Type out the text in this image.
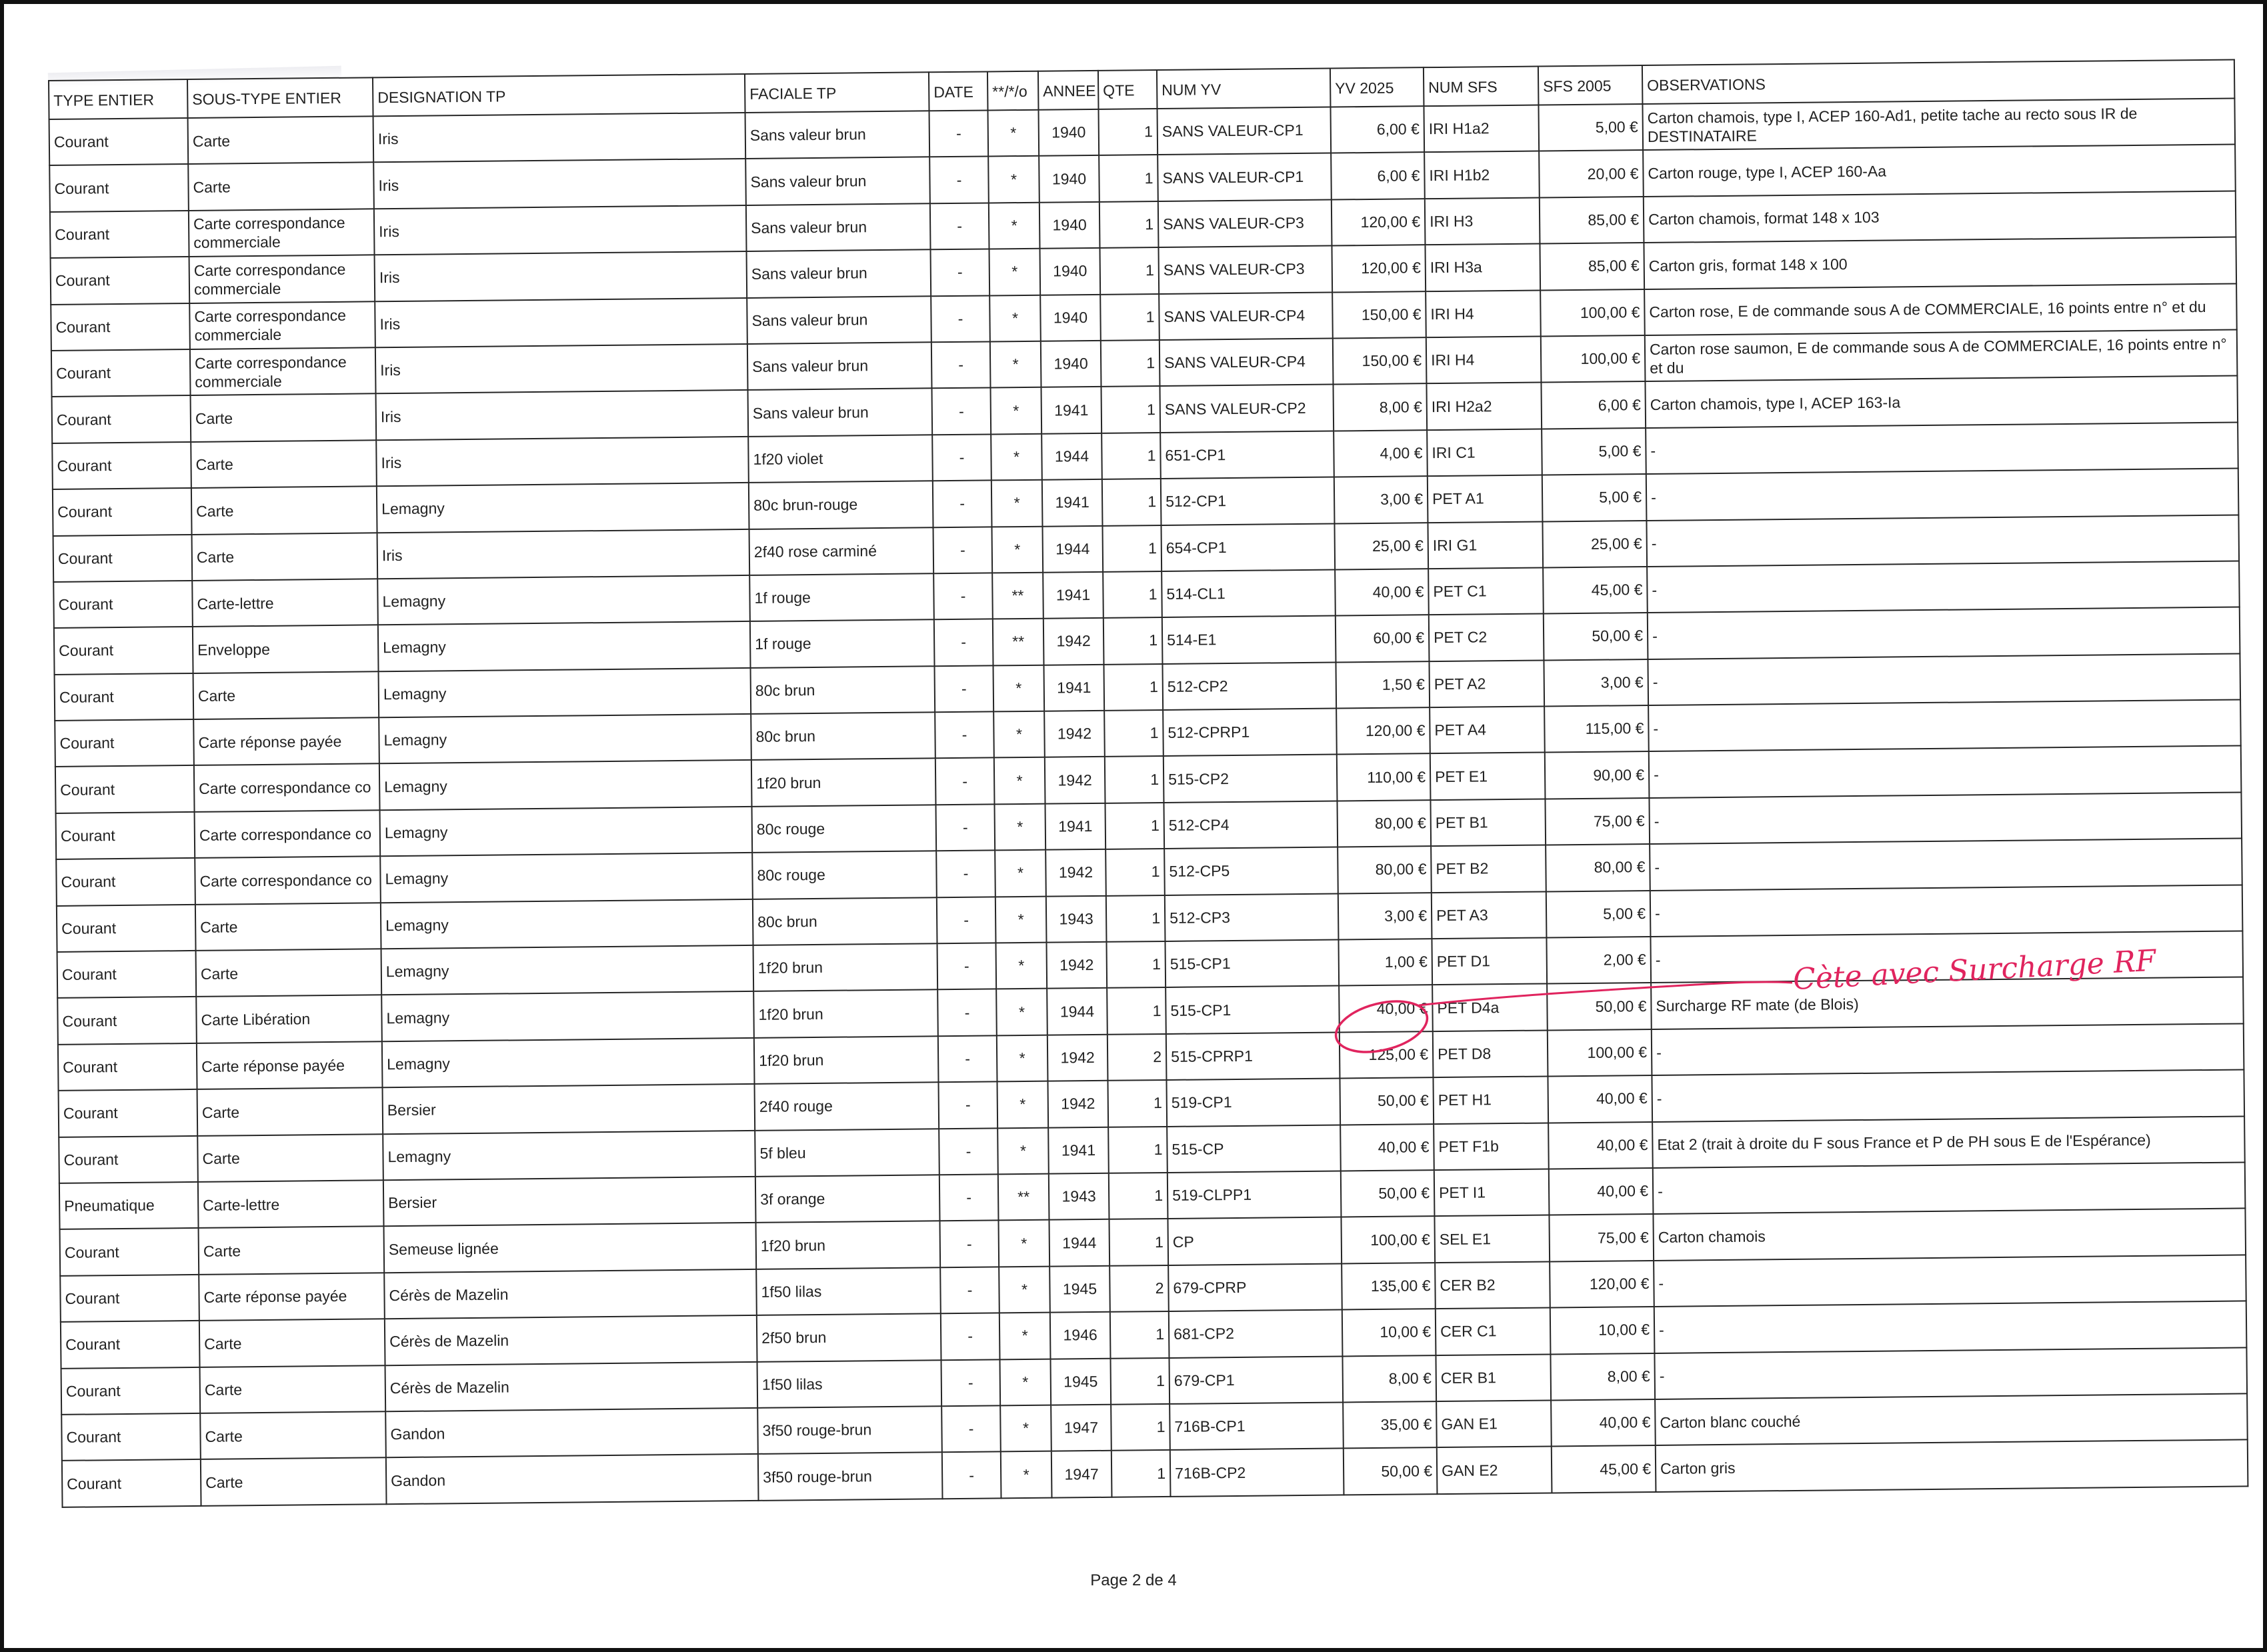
TYPE ENTIER	SOUS-TYPE ENTIER	DESIGNATION TP	FACIALE TP	DATE	**/*/o	ANNEE	QTE	NUM YV	YV 2025	NUM SFS	SFS 2005	OBSERVATIONS
Courant	Carte	Iris	Sans valeur brun	-	*	1940	1	SANS VALEUR-CP1	6,00 €	IRI H1a2	5,00 €	Carton chamois, type I, ACEP 160-Ad1, petite tache au recto sous IR de DESTINATAIRE
Courant	Carte	Iris	Sans valeur brun	-	*	1940	1	SANS VALEUR-CP1	6,00 €	IRI H1b2	20,00 €	Carton rouge, type I, ACEP 160-Aa
Courant	Carte correspondance commerciale	Iris	Sans valeur brun	-	*	1940	1	SANS VALEUR-CP3	120,00 €	IRI H3	85,00 €	Carton chamois, format 148 x 103
Courant	Carte correspondance commerciale	Iris	Sans valeur brun	-	*	1940	1	SANS VALEUR-CP3	120,00 €	IRI H3a	85,00 €	Carton gris, format 148 x 100
Courant	Carte correspondance commerciale	Iris	Sans valeur brun	-	*	1940	1	SANS VALEUR-CP4	150,00 €	IRI H4	100,00 €	Carton rose, E de commande sous A de COMMERCIALE, 16 points entre n° et du
Courant	Carte correspondance commerciale	Iris	Sans valeur brun	-	*	1940	1	SANS VALEUR-CP4	150,00 €	IRI H4	100,00 €	Carton rose saumon, E de commande sous A de COMMERCIALE, 16 points entre n° et du
Courant	Carte	Iris	Sans valeur brun	-	*	1941	1	SANS VALEUR-CP2	8,00 €	IRI H2a2	6,00 €	Carton chamois, type I, ACEP 163-Ia
Courant	Carte	Iris	1f20 violet	-	*	1944	1	651-CP1	4,00 €	IRI C1	5,00 €	-
Courant	Carte	Lemagny	80c brun-rouge	-	*	1941	1	512-CP1	3,00 €	PET A1	5,00 €	-
Courant	Carte	Iris	2f40 rose carminé	-	*	1944	1	654-CP1	25,00 €	IRI G1	25,00 €	-
Courant	Carte-lettre	Lemagny	1f rouge	-	**	1941	1	514-CL1	40,00 €	PET C1	45,00 €	-
Courant	Enveloppe	Lemagny	1f rouge	-	**	1942	1	514-E1	60,00 €	PET C2	50,00 €	-
Courant	Carte	Lemagny	80c brun	-	*	1941	1	512-CP2	1,50 €	PET A2	3,00 €	-
Courant	Carte réponse payée	Lemagny	80c brun	-	*	1942	1	512-CPRP1	120,00 €	PET A4	115,00 €	-
Courant	Carte correspondance co	Lemagny	1f20 brun	-	*	1942	1	515-CP2	110,00 €	PET E1	90,00 €	-
Courant	Carte correspondance co	Lemagny	80c rouge	-	*	1941	1	512-CP4	80,00 €	PET B1	75,00 €	-
Courant	Carte correspondance co	Lemagny	80c rouge	-	*	1942	1	512-CP5	80,00 €	PET B2	80,00 €	-
Courant	Carte	Lemagny	80c brun	-	*	1943	1	512-CP3	3,00 €	PET A3	5,00 €	-
Courant	Carte	Lemagny	1f20 brun	-	*	1942	1	515-CP1	1,00 €	PET D1	2,00 €	-
Courant	Carte Libération	Lemagny	1f20 brun	-	*	1944	1	515-CP1	40,00 €	PET D4a	50,00 €	Surcharge RF mate (de Blois)
Courant	Carte réponse payée	Lemagny	1f20 brun	-	*	1942	2	515-CPRP1	125,00 €	PET D8	100,00 €	-
Courant	Carte	Bersier	2f40 rouge	-	*	1942	1	519-CP1	50,00 €	PET H1	40,00 €	-
Courant	Carte	Lemagny	5f bleu	-	*	1941	1	515-CP	40,00 €	PET F1b	40,00 €	Etat 2 (trait à droite du F sous France et P de PH sous E de l'Espérance)
Pneumatique	Carte-lettre	Bersier	3f orange	-	**	1943	1	519-CLPP1	50,00 €	PET I1	40,00 €	-
Courant	Carte	Semeuse lignée	1f20 brun	-	*	1944	1	CP	100,00 €	SEL E1	75,00 €	Carton chamois
Courant	Carte réponse payée	Cérès de Mazelin	1f50 lilas	-	*	1945	2	679-CPRP	135,00 €	CER B2	120,00 €	-
Courant	Carte	Cérès de Mazelin	2f50 brun	-	*	1946	1	681-CP2	10,00 €	CER C1	10,00 €	-
Courant	Carte	Cérès de Mazelin	1f50 lilas	-	*	1945	1	679-CP1	8,00 €	CER B1	8,00 €	-
Courant	Carte	Gandon	3f50 rouge-brun	-	*	1947	1	716B-CP1	35,00 €	GAN E1	40,00 €	Carton blanc couché
Courant	Carte	Gandon	3f50 rouge-brun	-	*	1947	1	716B-CP2	50,00 €	GAN E2	45,00 €	Carton gris
Cète avec Surcharge RF
Page 2 de 4
